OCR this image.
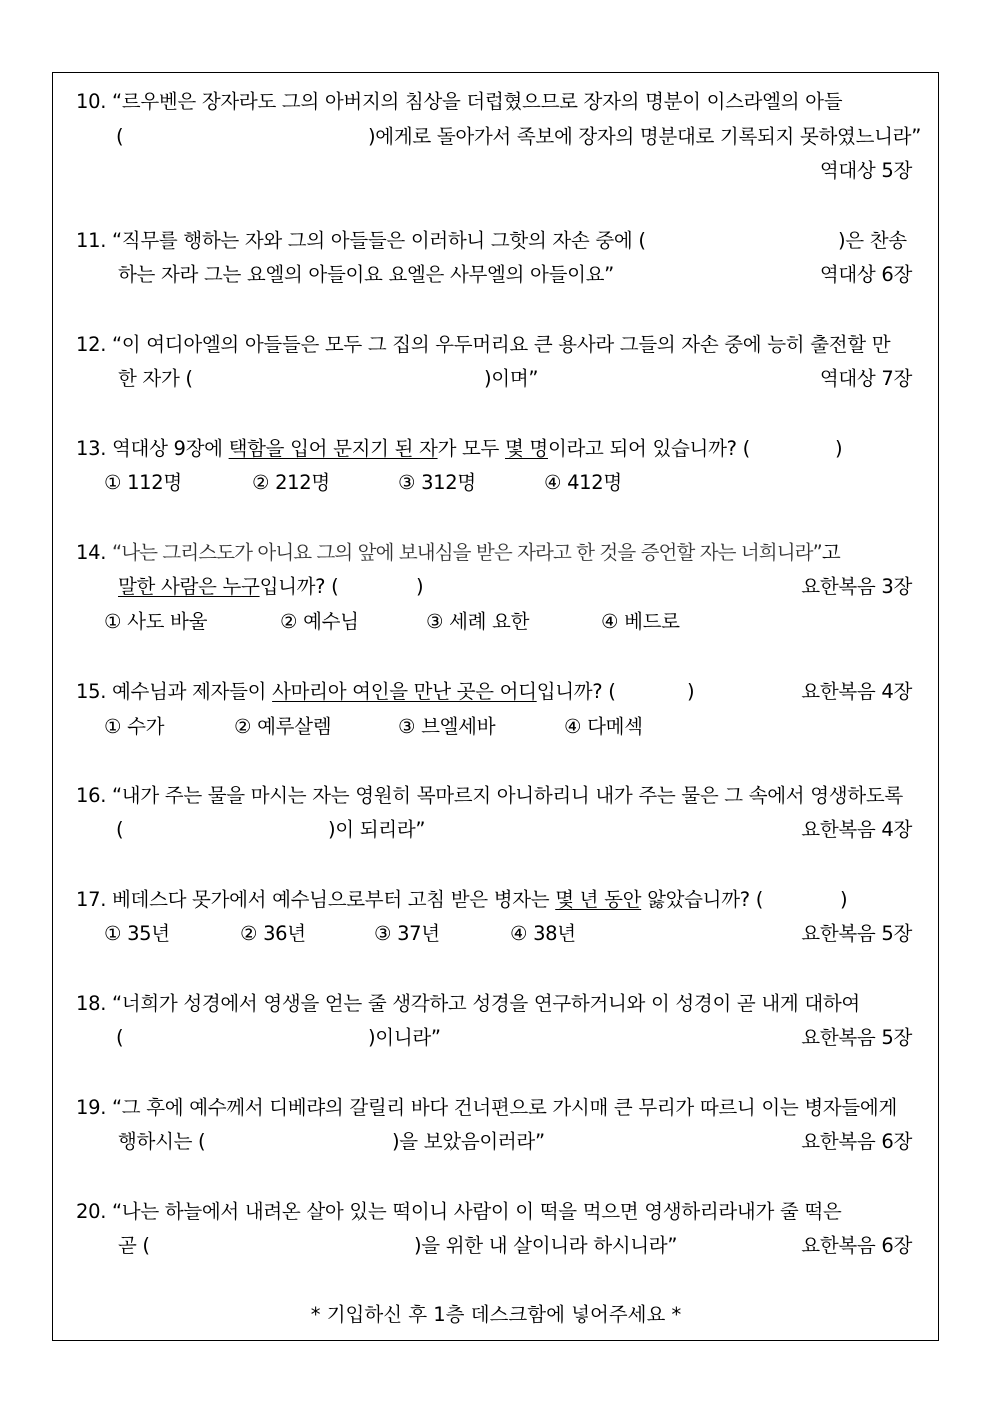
10. “르우벤은 장자라도 그의 아버지의 침상을 더럽혔으므로 장자의 명분이 이스라엘의 아들
(	)에게로 돌아가서 족보에 장자의 명분대로 기록되지 못하였느니라”
역대상 5장
11. “직무를 행하는 자와 그의 아들들은 이러하니 그핫의 자손 중에 (	)은 찬송
하는 자라 그는 요엘의 아들이요 요엘은 사무엘의 아들이요”	역대상 6장
12. “이 여디아엘의 아들들은 모두 그 집의 우두머리요 큰 용사라 그들의 자손 중에 능히 출전할 만
한 자가 (	)이며”	역대상 7장
13. 역대상 9장에 택함을 입어 문지기 된 자가 모두 몇 명이라고 되어 있습니까? (	)
① 112명	② 212명	③ 312명	④ 412명
14. “나는 그리스도가 아니요 그의 앞에 보내심을 받은 자라고 한 것을 증언할 자는 너희니라”고
말한 사람은 누구입니까? (	)	요한복음 3장
① 사도 바울	② 예수님	③ 세례 요한	④ 베드로
15. 예수님과 제자들이 사마리아 여인을 만난 곳은 어디입니까? (	)	요한복음 4장
① 수가	② 예루살렘	③ 브엘세바	④ 다메섹
16. “내가 주는 물을 마시는 자는 영원히 목마르지 아니하리니 내가 주는 물은 그 속에서 영생하도록
(	)이 되리라”	요한복음 4장
17. 베데스다 못가에서 예수님으로부터 고침 받은 병자는 몇 년 동안 앓았습니까? (	)
① 35년	② 36년	③ 37년	④ 38년	요한복음 5장
18. “너희가 성경에서 영생을 얻는 줄 생각하고 성경을 연구하거니와 이 성경이 곧 내게 대하여
(	)이니라”	요한복음 5장
19. “그 후에 예수께서 디베랴의 갈릴리 바다 건너편으로 가시매 큰 무리가 따르니 이는 병자들에게
행하시는 (	)을 보았음이러라”	요한복음 6장
20. “나는 하늘에서 내려온 살아 있는 떡이니 사람이 이 떡을 먹으면 영생하리라내가 줄 떡은
곧 (	)을 위한 내 살이니라 하시니라”	요한복음 6장
* 기입하신 후 1층 데스크함에 넣어주세요 *
